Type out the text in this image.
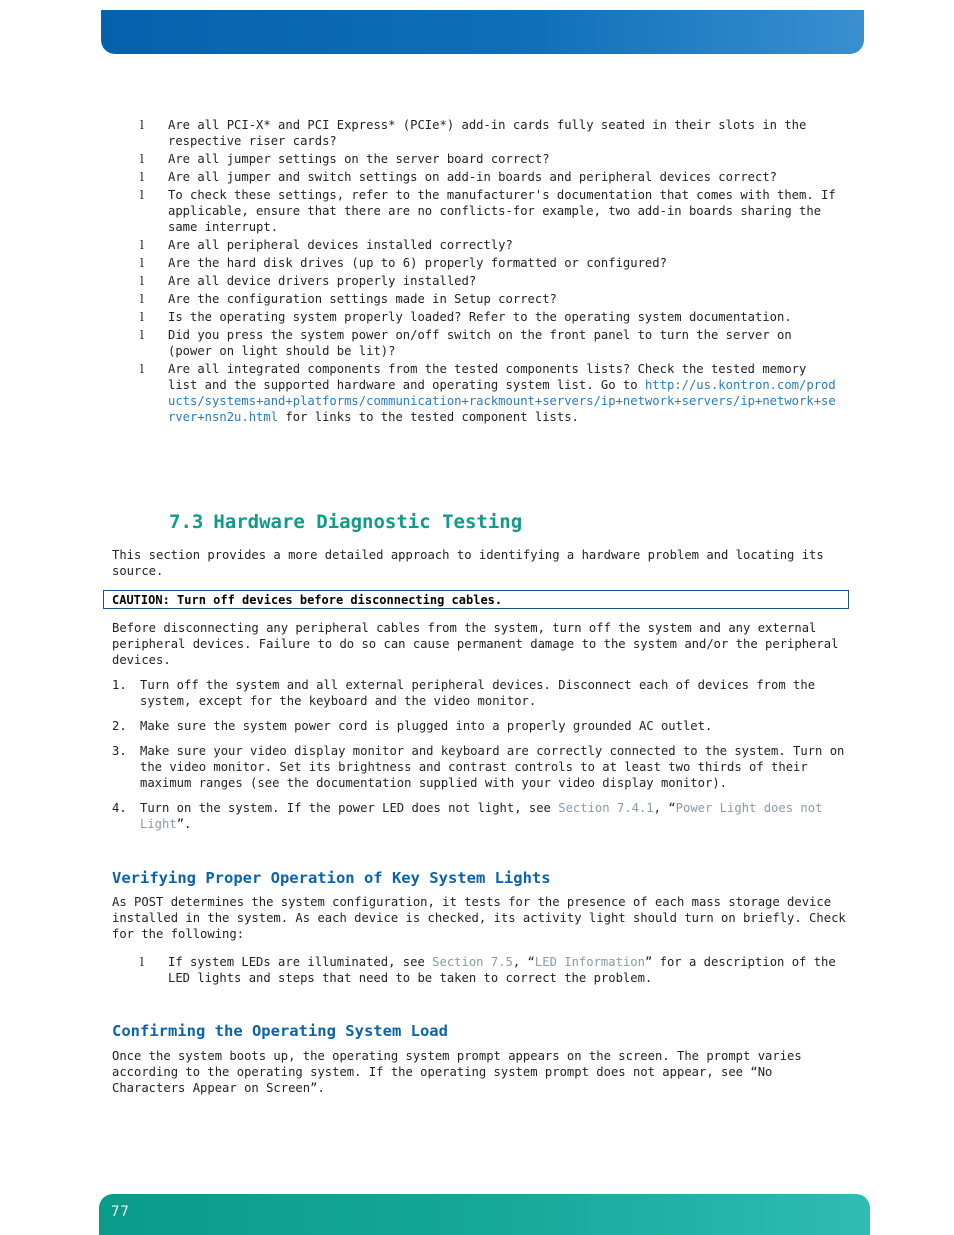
l Are all PCI-X* and PCI Express* (PCIe*) add-in cards fully seated in their slots in the respective riser cards?
l Are all jumper settings on the server board correct?
l Are all jumper and switch settings on add-in boards and peripheral devices correct?
l To check these settings, refer to the manufacturer's documentation that comes with them. If applicable, ensure that there are no conflicts-for example, two add-in boards sharing the same interrupt.
l Are all peripheral devices installed correctly?
l Are the hard disk drives (up to 6) properly formatted or configured?
l Are all device drivers properly installed?
l Are the configuration settings made in Setup correct?
l Is the operating system properly loaded? Refer to the operating system documentation.
l Did you press the system power on/off switch on the front panel to turn the server on (power on light should be lit)?
l Are all integrated components from the tested components lists? Check the tested memory list and the supported hardware and operating system list. Go to http://us.kontron.com/products/systems+and+platforms/communication+rackmount+servers/ip+network+servers/ip+network+server+nsn2u.html for links to the tested component lists.
7.3 Hardware Diagnostic Testing

This section provides a more detailed approach to identifying a hardware problem and locating its source.

CAUTION: Turn off devices before disconnecting cables.

Before disconnecting any peripheral cables from the system, turn off the system and any external peripheral devices. Failure to do so can cause permanent damage to the system and/or the peripheral devices.

1. Turn off the system and all external peripheral devices. Disconnect each of devices from the system, except for the keyboard and the video monitor.
2. Make sure the system power cord is plugged into a properly grounded AC outlet.
3. Make sure your video display monitor and keyboard are correctly connected to the system. Turn on the video monitor. Set its brightness and contrast controls to at least two thirds of their maximum ranges (see the documentation supplied with your video display monitor).
4. Turn on the system. If the power LED does not light, see Section 7.4.1, “Power Light does not Light”.
Verifying Proper Operation of Key System Lights

As POST determines the system configuration, it tests for the presence of each mass storage device installed in the system. As each device is checked, its activity light should turn on briefly. Check for the following:

l If system LEDs are illuminated, see Section 7.5, “LED Information” for a description of the LED lights and steps that need to be taken to correct the problem.
Confirming the Operating System Load

Once the system boots up, the operating system prompt appears on the screen. The prompt varies according to the operating system. If the operating system prompt does not appear, see “No Characters Appear on Screen”.

77
